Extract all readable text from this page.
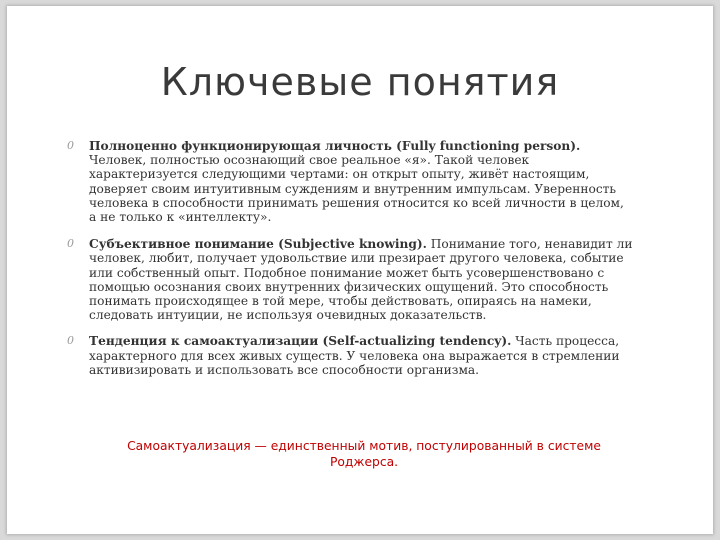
Ключевые понятия
0 Полноценно функционирующая личность (Fully functioning person). Человек, полностью осознающий свое реальное «я». Такой человек характеризуется следующими чертами: он открыт опыту, живёт настоящим, доверяет своим интуитивным суждениям и внутренним импульсам. Уверенность человека в способности принимать решения относится ко всей личности в целом, а не только к «интеллекту».
0 Субъективное понимание (Subjective knowing). Понимание того, ненавидит ли человек, любит, получает удовольствие или презирает другого человека, событие или собственный опыт. Подобное понимание может быть усовершенствовано с помощью осознания своих внутренних физических ощущений. Это способность понимать происходящее в той мере, чтобы действовать, опираясь на намеки, следовать интуиции, не используя очевидных доказательств.
0 Тенденция к самоактуализации (Self-actualizing tendency). Часть процесса, характерного для всех живых существ. У человека она выражается в стремлении активизировать и использовать все способности организма.
Самоактуализация — единственный мотив, постулированный в системе Роджерса.
